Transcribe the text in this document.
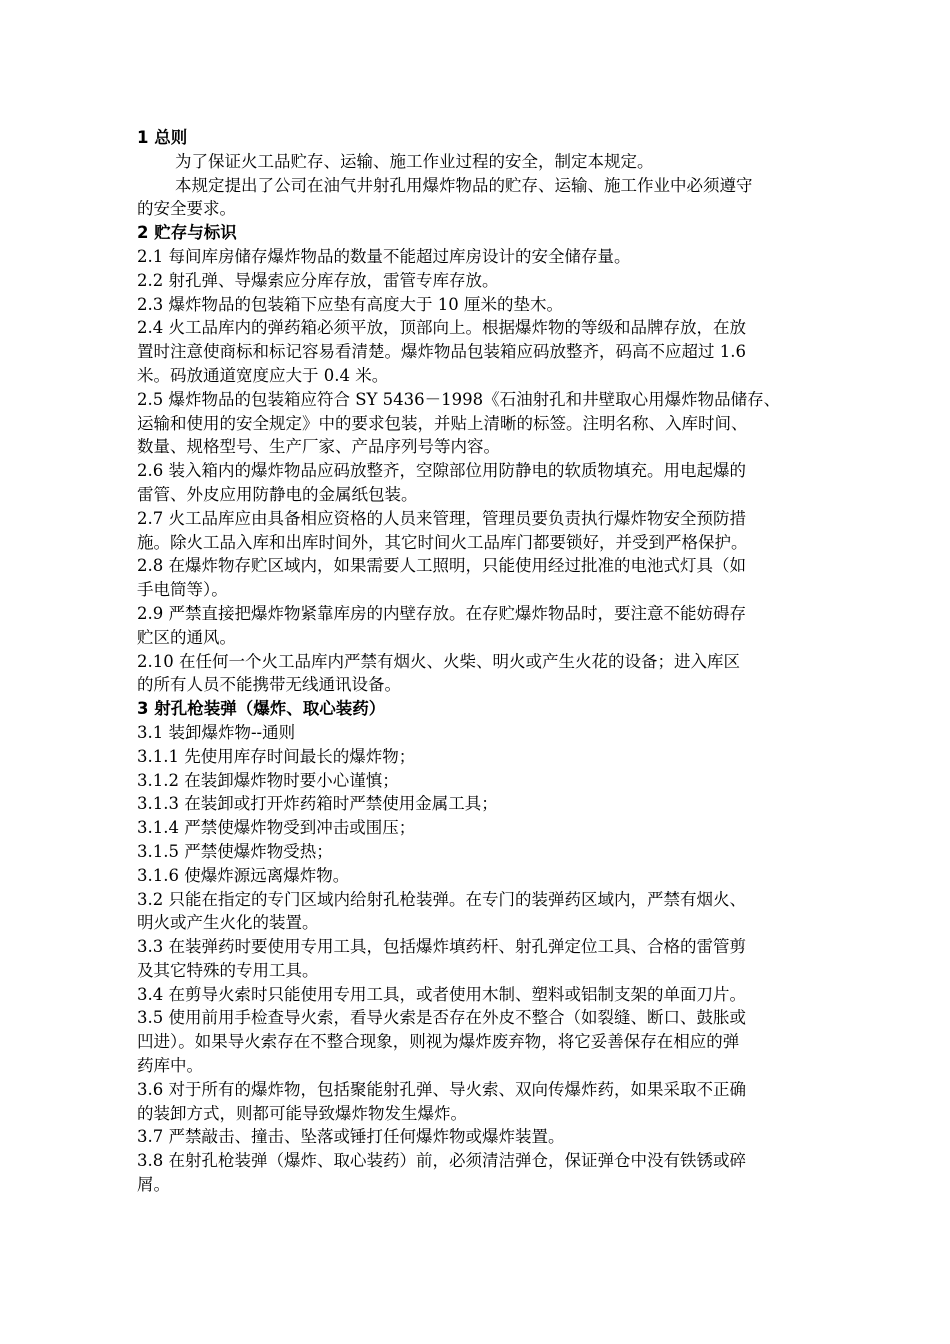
1 总则
为了保证火工品贮存、运输、施工作业过程的安全，制定本规定。
本规定提出了公司在油气井射孔用爆炸物品的贮存、运输、施工作业中必须遵守
的安全要求。
2 贮存与标识
2.1 每间库房储存爆炸物品的数量不能超过库房设计的安全储存量。
2.2 射孔弹、导爆索应分库存放，雷管专库存放。
2.3 爆炸物品的包装箱下应垫有高度大于 10 厘米的垫木。
2.4 火工品库内的弹药箱必须平放，顶部向上。根据爆炸物的等级和品牌存放，在放
置时注意使商标和标记容易看清楚。爆炸物品包装箱应码放整齐，码高不应超过 1.6
米。码放通道宽度应大于 0.4 米。
2.5 爆炸物品的包装箱应符合 SY 5436－1998《石油射孔和井壁取心用爆炸物品储存、
运输和使用的安全规定》中的要求包装，并贴上清晰的标签。注明名称、入库时间、
数量、规格型号、生产厂家、产品序列号等内容。
2.6 装入箱内的爆炸物品应码放整齐，空隙部位用防静电的软质物填充。用电起爆的
雷管、外皮应用防静电的金属纸包装。
2.7 火工品库应由具备相应资格的人员来管理，管理员要负责执行爆炸物安全预防措
施。除火工品入库和出库时间外，其它时间火工品库门都要锁好，并受到严格保护。
2.8 在爆炸物存贮区域内，如果需要人工照明，只能使用经过批准的电池式灯具（如
手电筒等）。
2.9 严禁直接把爆炸物紧靠库房的内壁存放。在存贮爆炸物品时，要注意不能妨碍存
贮区的通风。
2.10 在任何一个火工品库内严禁有烟火、火柴、明火或产生火花的设备；进入库区
的所有人员不能携带无线通讯设备。
3 射孔枪装弹（爆炸、取心装药）
3.1 装卸爆炸物--通则
3.1.1 先使用库存时间最长的爆炸物；
3.1.2 在装卸爆炸物时要小心谨慎；
3.1.3 在装卸或打开炸药箱时严禁使用金属工具；
3.1.4 严禁使爆炸物受到冲击或围压；
3.1.5 严禁使爆炸物受热；
3.1.6 使爆炸源远离爆炸物。
3.2 只能在指定的专门区域内给射孔枪装弹。在专门的装弹药区域内，严禁有烟火、
明火或产生火化的装置。
3.3 在装弹药时要使用专用工具，包括爆炸填药杆、射孔弹定位工具、合格的雷管剪
及其它特殊的专用工具。
3.4 在剪导火索时只能使用专用工具，或者使用木制、塑料或铝制支架的单面刀片。
3.5 使用前用手检查导火索，看导火索是否存在外皮不整合（如裂缝、断口、鼓胀或
凹进）。如果导火索存在不整合现象，则视为爆炸废弃物，将它妥善保存在相应的弹
药库中。
3.6 对于所有的爆炸物，包括聚能射孔弹、导火索、双向传爆炸药，如果采取不正确
的装卸方式，则都可能导致爆炸物发生爆炸。
3.7 严禁敲击、撞击、坠落或锤打任何爆炸物或爆炸装置。
3.8 在射孔枪装弹（爆炸、取心装药）前，必须清洁弹仓，保证弹仓中没有铁锈或碎
屑。
